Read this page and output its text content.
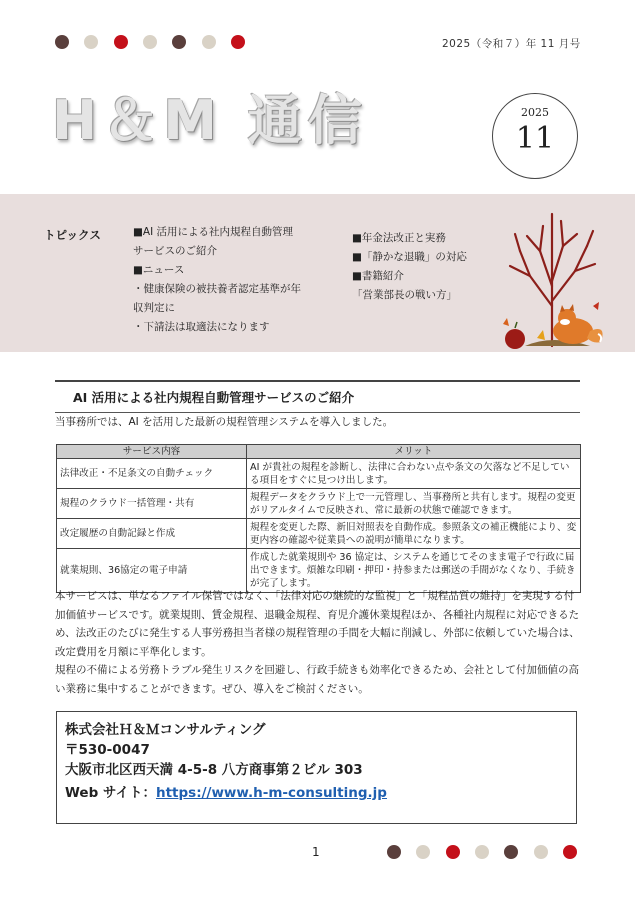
2025（令和７）年 11 月号
H＆M 通信	2025
11
トピックス	■AI 活用による社内規程自動管理
サービスのご紹介
■ニュース
・健康保険の被扶養者認定基準が年
収判定に
・下請法は取適法になります
■年金法改正と実務
■「静かな退職」の対応
■書籍紹介
「営業部長の戦い方」
AI 活用による社内規程自動管理サービスのご紹介
当事務所では、AI を活用した最新の規程管理システムを導入しました。
サービス内容	メリット
法律改正・不足条文の自動チェック	AI が貴社の規程を診断し、法律に合わない点や条文の欠落など不足している項目をすぐに見つけ出します。
規程のクラウド一括管理・共有	規程データをクラウド上で一元管理し、当事務所と共有します。規程の変更がリアルタイムで反映され、常に最新の状態で確認できます。
改定履歴の自動記録と作成	規程を変更した際、新旧対照表を自動作成。参照条文の補正機能により、変更内容の確認や従業員への説明が簡単になります。
就業規則、36協定の電子申請	作成した就業規則や 36 協定は、システムを通じてそのまま電子で行政に届出できます。煩雑な印刷・押印・持参または郵送の手間がなくなり、手続きが完了します。

本サービスは、単なるファイル保管ではなく、「法律対応の継続的な監視」と「規程品質の維持」を実現する付加価値サービスです。就業規則、賃金規程、退職金規程、育児介護休業規程ほか、各種社内規程に対応できるため、法改正のたびに発生する人事労務担当者様の規程管理の手間を大幅に削減し、外部に依頼していた場合は、改定費用を月額に平準化します。

規程の不備による労務トラブル発生リスクを回避し、行政手続きも効率化できるため、会社として付加価値の高い業務に集中することができます。ぜひ、導入をご検討ください。

株式会社Ｈ＆Ｍコンサルティング
〒530-0047
大阪市北区西天満 4-5-8 八方商事第２ビル 303
Web サイト：https://www.h-m-consulting.jp
1
